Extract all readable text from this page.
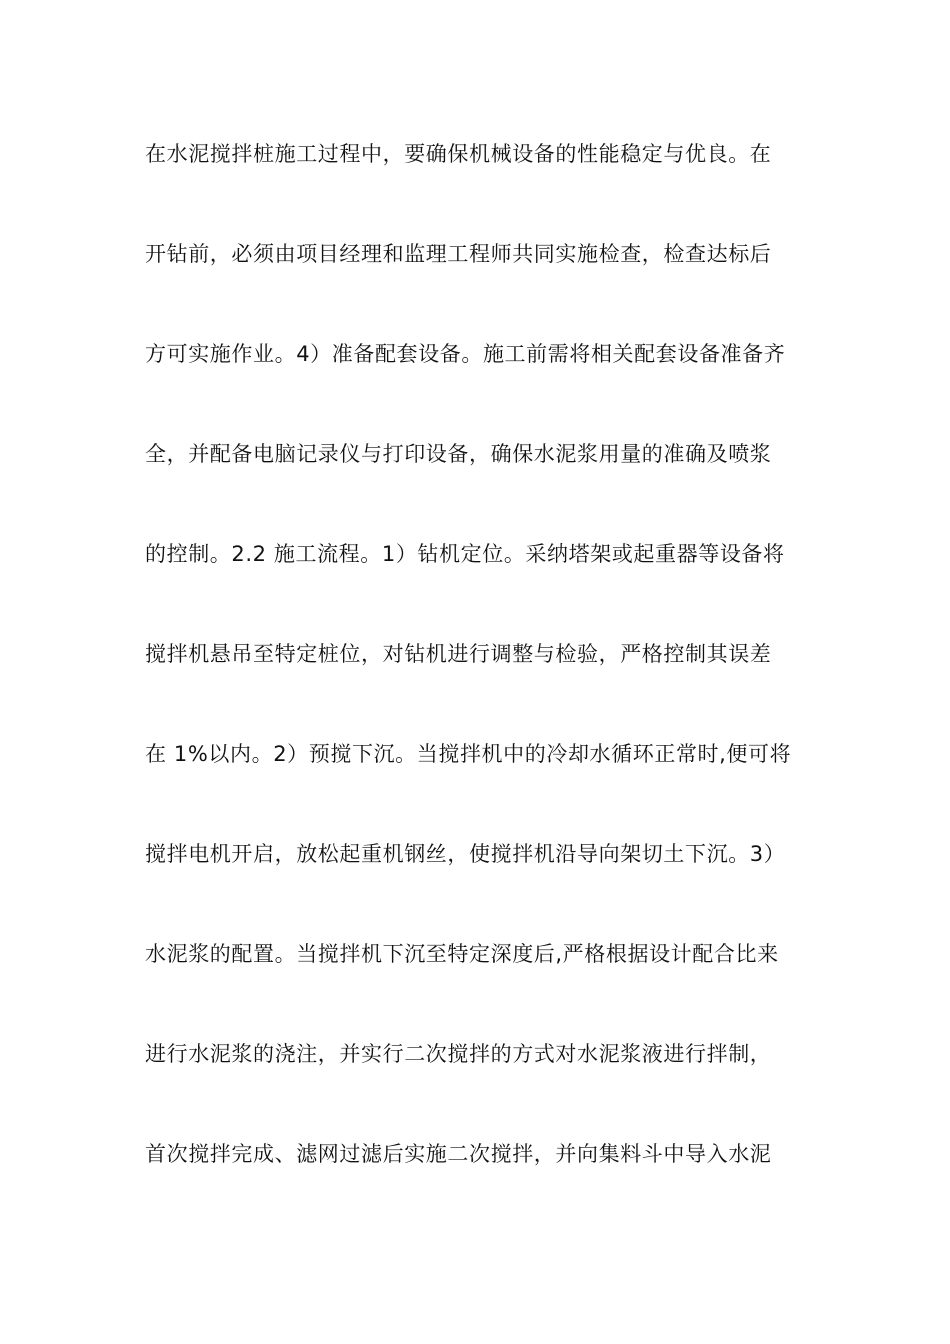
在水泥搅拌桩施工过程中，要确保机械设备的性能稳定与优良。在
开钻前，必须由项目经理和监理工程师共同实施检查，检查达标后
方可实施作业。4）准备配套设备。施工前需将相关配套设备准备齐
全，并配备电脑记录仪与打印设备，确保水泥浆用量的准确及喷浆
的控制。2.2 施工流程。1）钻机定位。采纳塔架或起重器等设备将
搅拌机悬吊至特定桩位，对钻机进行调整与检验，严格控制其误差
在 1%以内。2）预搅下沉。当搅拌机中的冷却水循环正常时,便可将
搅拌电机开启，放松起重机钢丝，使搅拌机沿导向架切土下沉。3）
水泥浆的配置。当搅拌机下沉至特定深度后,严格根据设计配合比来
进行水泥浆的浇注，并实行二次搅拌的方式对水泥浆液进行拌制，
首次搅拌完成、滤网过滤后实施二次搅拌，并向集料斗中导入水泥
